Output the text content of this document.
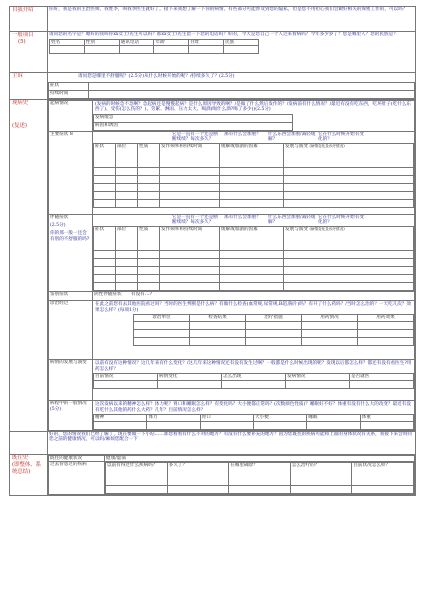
自我介绍	你好，我是我的主治医师，我姓李，叫我李医生就好了。接下来我想了解一下你的病情，有些部分可能涉及到您的隐私，但是您不用担心我们会做好相关的保密工作的，可以吗？

一般项目
(5)

请问您的名字是？嗯好的我叫你xx女士/先生可以吗？那xx女士/先生留一下您的电话吗？好的，今天是您自己一个人过来看病吗？今年多少岁了？您是哪里人？您的民族是？
姓名	性别	通讯电话	年龄	住址	民族

主诉	请问您是哪里不舒服呢？(2.5分)从什么时候开始的呢？/持续多久了？(2.5分)
症状	
持续时间	

现病史
(复述)

起病情况	(发病的时候急不急啊？急起病还是慢慢起病？是什么原因导致的啊？/是做了什么然后发作的？/发病前有什么情况？/最近有没有吃东西，吃坏肚子(吃什么东西了)、受伤(怎么伤的？)、劳累、淋雨、压力太大、喝酒(喝什么酒?喝了多少))(2.5分)
发病缓急
病因和诱因

主要症状 8	
		它是一直有一个还是断断续续？每次多久？	那有什么会加重？	什么东西会加重/减轻缓解？	它在什么时候开始有变化的？	
症状	部位	性质	发作频率和持续时间	缓解或加剧的因素	发展与演变 (病情变化及诊疗情况)

伴随症状
(2.5分)
你的那一般一还会有别的不舒服的吗?

	它是一直有一个还是断断续续？每次多久？	那有什么会加重？	什么东西会加重/减轻缓解？	它在什么时候开始有变化的？	
症状	部位	性质	发作频率和持续时间	缓解或加剧的因素	发展与演变 (病情变化及诊疗情况)

鉴别症状	阴性伴随症状 有没有…?
诊治经过	在此之前您有去其他医院看过吗？当时的医生判断是什么病？有做什么检查(血常规,尿常规,B超,胸片)吗？有开了什么药吗？/当时怎么治的？一天吃几次？效果怎么样？(每项1分)
诊治单位	检查结果	治疗措施	用药情况	用药效果

病情的发展与演变	以前有没有这种情况？这几年来有什么变化？/这几年来这种情况还有没有发生过啊？一般都是什么时候出现的呢？发现以后都怎么样？都还有没有看医生?用药怎么样？
目前情况	病情变化	怎么出现	发病情况	是否就医

病程中的一般情况
(5分)

这次发病以来的精神怎么样？体力呢？胃口和睡眠怎么样？有变化吗？大小便都正常吗？(次数颜色性质)？睡眠好不好？体重有没有什么大的改变？最近有没有吃什么其他的药什么大药？几年？目前情况怎么样？
精神	体力	胃口	大小便	睡眠	体重

	好的，您的情况我们已经了解了，现在要做一下小结……那您看看有什么不对的地方？有没有什么要补充的地方？因为您既往的疾病可能和上面的身体状况有关系，我接下来会询问您之前的健康情况，可以吗/麻烦您配合一下

既往史
(即整体、系统总结)

既往的健康状况	健康/虚弱
过去曾患过的疾病		以前有得过什么疾病吗？	多久了？	在哪里确诊？	怎么治疗的？	目前状况怎么样？
